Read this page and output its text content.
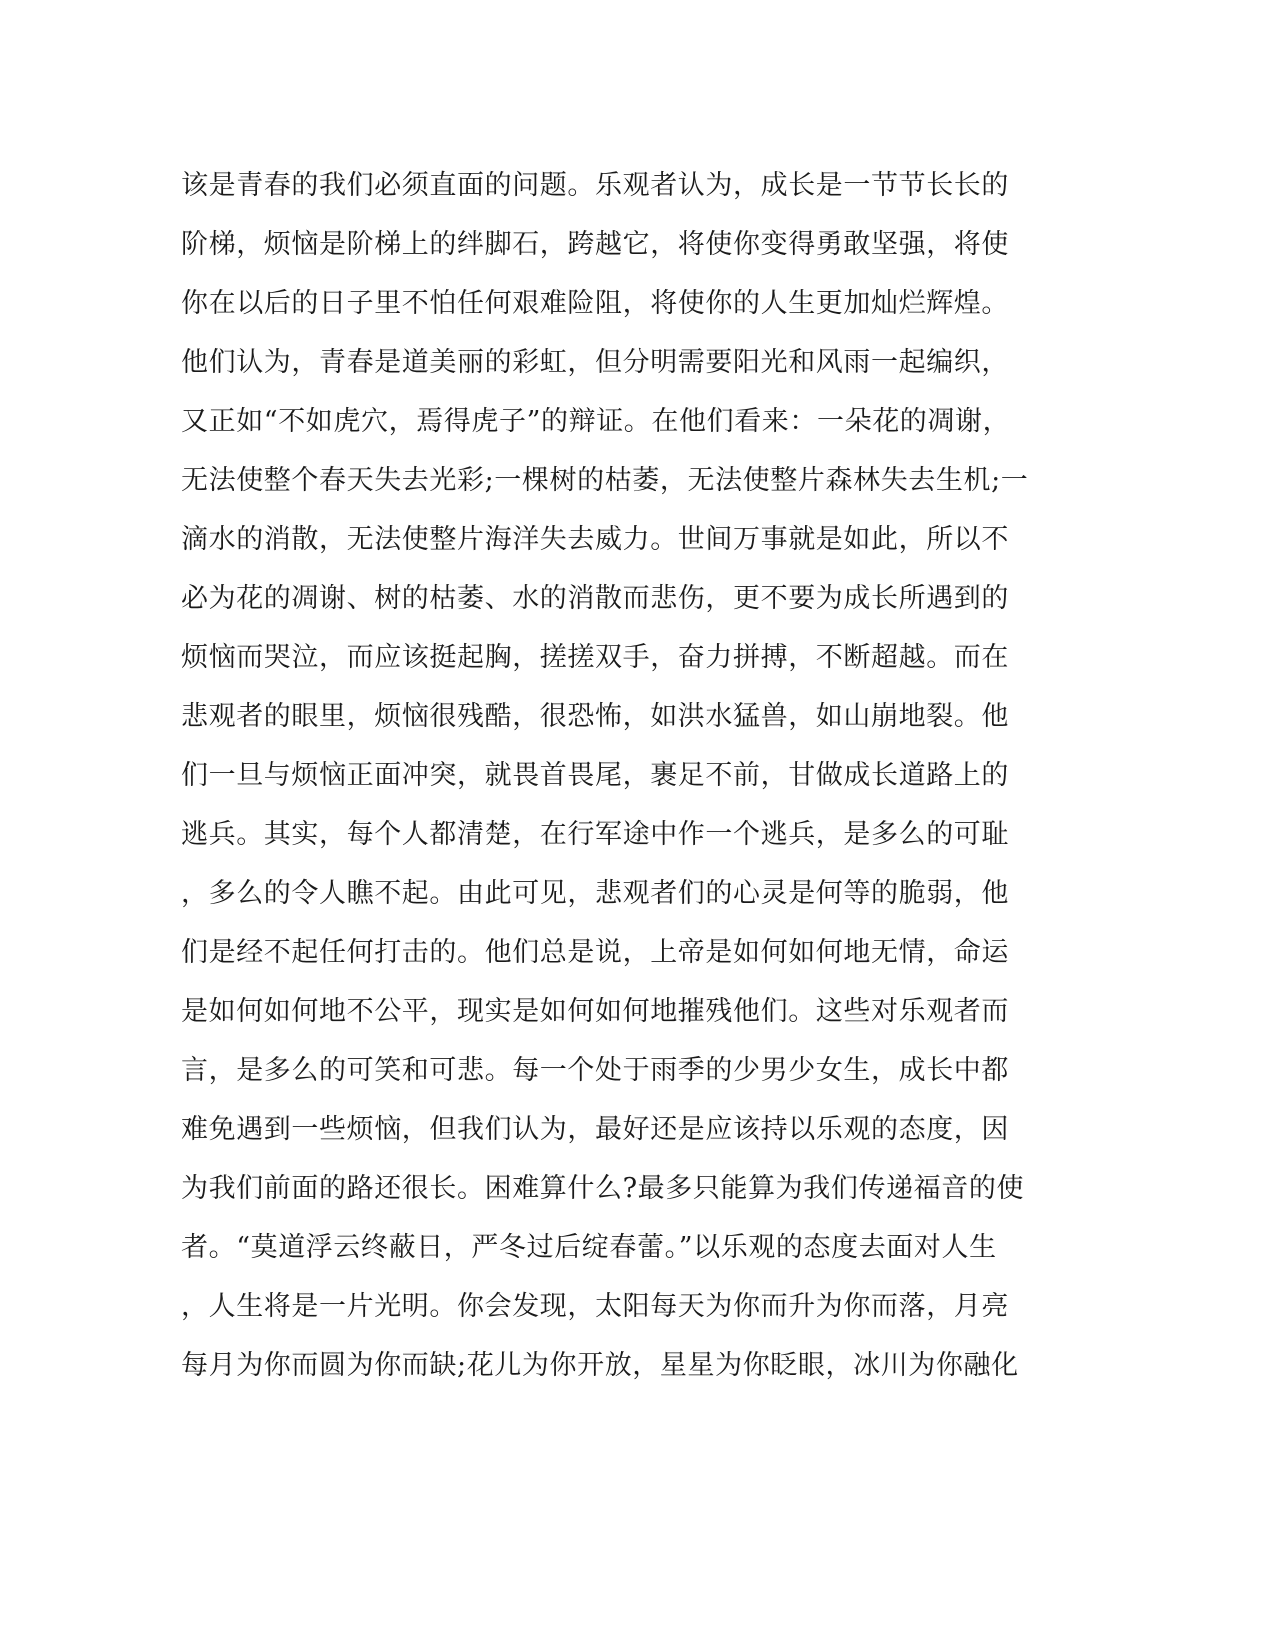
该是青春的我们必须直面的问题。乐观者认为，成长是一节节长长的
阶梯，烦恼是阶梯上的绊脚石，跨越它，将使你变得勇敢坚强，将使
你在以后的日子里不怕任何艰难险阻，将使你的人生更加灿烂辉煌。
他们认为，青春是道美丽的彩虹，但分明需要阳光和风雨一起编织，
又正如“不如虎穴，焉得虎子”的辩证。在他们看来：一朵花的凋谢，
无法使整个春天失去光彩;一棵树的枯萎，无法使整片森林失去生机;一
滴水的消散，无法使整片海洋失去威力。世间万事就是如此，所以不
必为花的凋谢、树的枯萎、水的消散而悲伤，更不要为成长所遇到的
烦恼而哭泣，而应该挺起胸，搓搓双手，奋力拼搏，不断超越。而在
悲观者的眼里，烦恼很残酷，很恐怖，如洪水猛兽，如山崩地裂。他
们一旦与烦恼正面冲突，就畏首畏尾，裹足不前，甘做成长道路上的
逃兵。其实，每个人都清楚，在行军途中作一个逃兵，是多么的可耻
，多么的令人瞧不起。由此可见，悲观者们的心灵是何等的脆弱，他
们是经不起任何打击的。他们总是说，上帝是如何如何地无情，命运
是如何如何地不公平，现实是如何如何地摧残他们。这些对乐观者而
言，是多么的可笑和可悲。每一个处于雨季的少男少女生，成长中都
难免遇到一些烦恼，但我们认为，最好还是应该持以乐观的态度，因
为我们前面的路还很长。困难算什么?最多只能算为我们传递福音的使
者。“莫道浮云终蔽日，严冬过后绽春蕾。”以乐观的态度去面对人生
，人生将是一片光明。你会发现，太阳每天为你而升为你而落，月亮
每月为你而圆为你而缺;花儿为你开放，星星为你眨眼，冰川为你融化
